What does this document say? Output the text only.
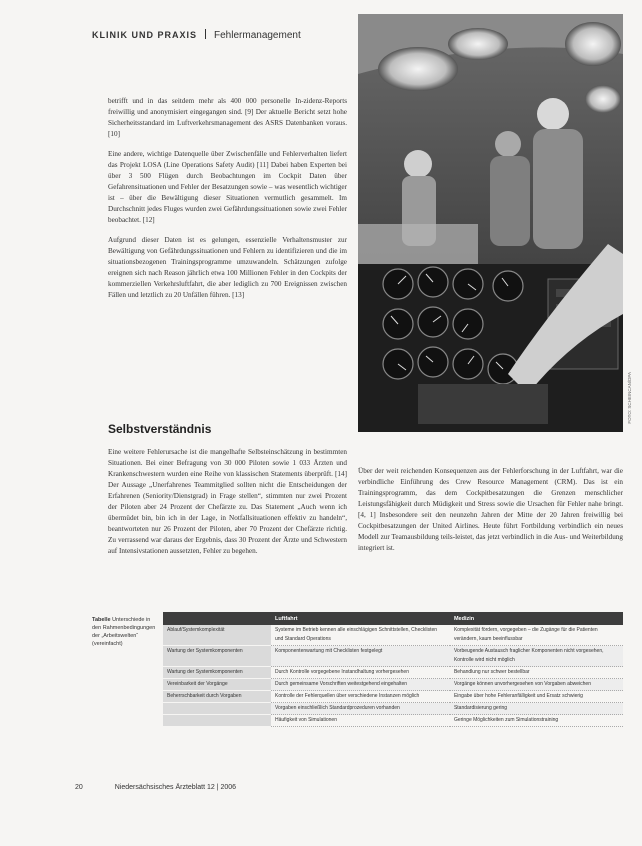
KLINIK UND PRAXIS Fehlermanagement

betrifft und in das seitdem mehr als 400 000 personelle In-zidenz-Reports freiwillig und anonymisiert eingegangen sind. [9] Der aktuelle Bericht setzt hohe Sicherheitsstandard im Luftverkehrsmanagement des ASRS Datenbanken voraus. [10]

Eine andere, wichtige Datenquelle über Zwischenfälle und Fehlerverhalten liefert das Projekt LOSA (Line Operations Safety Audit) [11] Dabei haben Experten bei über 3 500 Flügen durch Beobachtungen im Cockpit Daten über Gefahrensituationen und Fehler der Besatzungen sowie – was wesentlich wichtiger ist – über die Bewältigung dieser Situationen vermutlich gesammelt. Im Durchschnitt jedes Fluges wurden zwei Gefährdungssituationen sowie zwei Fehler beobachtet. [12]

Aufgrund dieser Daten ist es gelungen, essenzielle Verhaltensmuster zur Bewältigung von Gefährdungssituationen und Fehlern zu identifizieren und die im situationsbezogenen Trainingsprogramme umzuwandeln. Schätzungen zufolge ereignen sich nach Reason jährlich etwa 100 Millionen Fehler in den Cockpits der kommerziellen Verkehrsluftfahrt, die aber lediglich zu 700 Ereignissen zwischen Fällen und letztlich zu 20 Unfällen führen. [13]

Selbstverständnis

Eine weitere Fehlerursache ist die mangelhafte Selbsteinschätzung in bestimmten Situationen. Bei einer Befragung von 30 000 Piloten sowie 1 033 Ärzten und Krankenschwestern wurden eine Reihe von klassischen Statements überprüft. [14] Der Aussage „Unerfahrenes Teammitglied sollten nicht die Entscheidungen der Erfahrenen (Seniority/Dienstgrad) in Frage stellen“, stimmten nur zwei Prozent der Piloten aber 24 Prozent der Chefärzte zu. Das Statement „Auch wenn ich übermüdet bin, bin ich in der Lage, in Notfallsituationen effektiv zu handeln“, beantworteten nur 26 Prozent der Piloten, aber 70 Prozent der Chefärzte richtig. Zu verrassend war daraus der Ergebnis, dass 30 Prozent der Ärzte und Schwestern auf Intensivstationen aussetzten, Fehler zu begehen.

FOTO: SCHEINCAN/DPA

Über der weit reichenden Konsequenzen aus der Fehlerforschung in der Luftfahrt, war die verbindliche Einführung des Crew Resource Management (CRM). Das ist ein Trainingsprogramm, das dem Cockpitbesatzungen die Grenzen menschlicher Leistungsfähigkeit durch Müdigkeit und Stress sowie die Ursachen für Fehler nahe bringt. [4, 1] Insbesondere seit den neunzehn Jahren der Mitte der 20 Jahren freiwillig bei Cockpitbesatzungen der United Airlines. Heute führt Fortbildung verbindlich ein neues Modell zur Teamausbildung teils-leistet, das jetzt verbindlich in die Aus- und Weiterbildung integriert ist.

Tabelle Unterschiede in den Rahmenbedingungen der „Arbeitswelten“ (vereinfacht)
	Luftfahrt	Medizin
Ablauf/Systemkomplexität	Systeme im Betrieb kennen alle einschlägigen Schnittstellen, Checklisten und Standard Operations	Komplexität fördern, vorgegeben – die Zugänge für die Patienten verändern, kaum beeinflussbar
Wartung der Systemkomponenten	Komponentenwartung mit Checklisten festgelegt	Vorbeugende Austausch fraglicher Komponenten nicht vorgesehen, Kontrolle wird nicht möglich
Wartung der Systemkomponenten	Durch Kontrolle vorgegebene Instandhaltung vorhergesehen	Behandlung nur schwer bestellbar
Vereinbarkeit der Vorgänge	Durch gemeinsame Vorschriften weitestgehend eingehalten	Vorgänge können unvorhergesehen von Vorgaben abweichen
Beherrschbarkeit durch Vorgaben	Kontrolle der Fehlerquellen über verschiedene Instanzen möglich	Eingabe über hohe Fehleranfälligkeit und Ersatz schwierig
	Vorgaben einschließlich Standardprozeduren vorhanden	Standardisierung gering
	Häufigkeit von Simulationen	Geringe Möglichkeiten zum Simulationstraining
20	Niedersächsisches Ärzteblatt 12 | 2006
